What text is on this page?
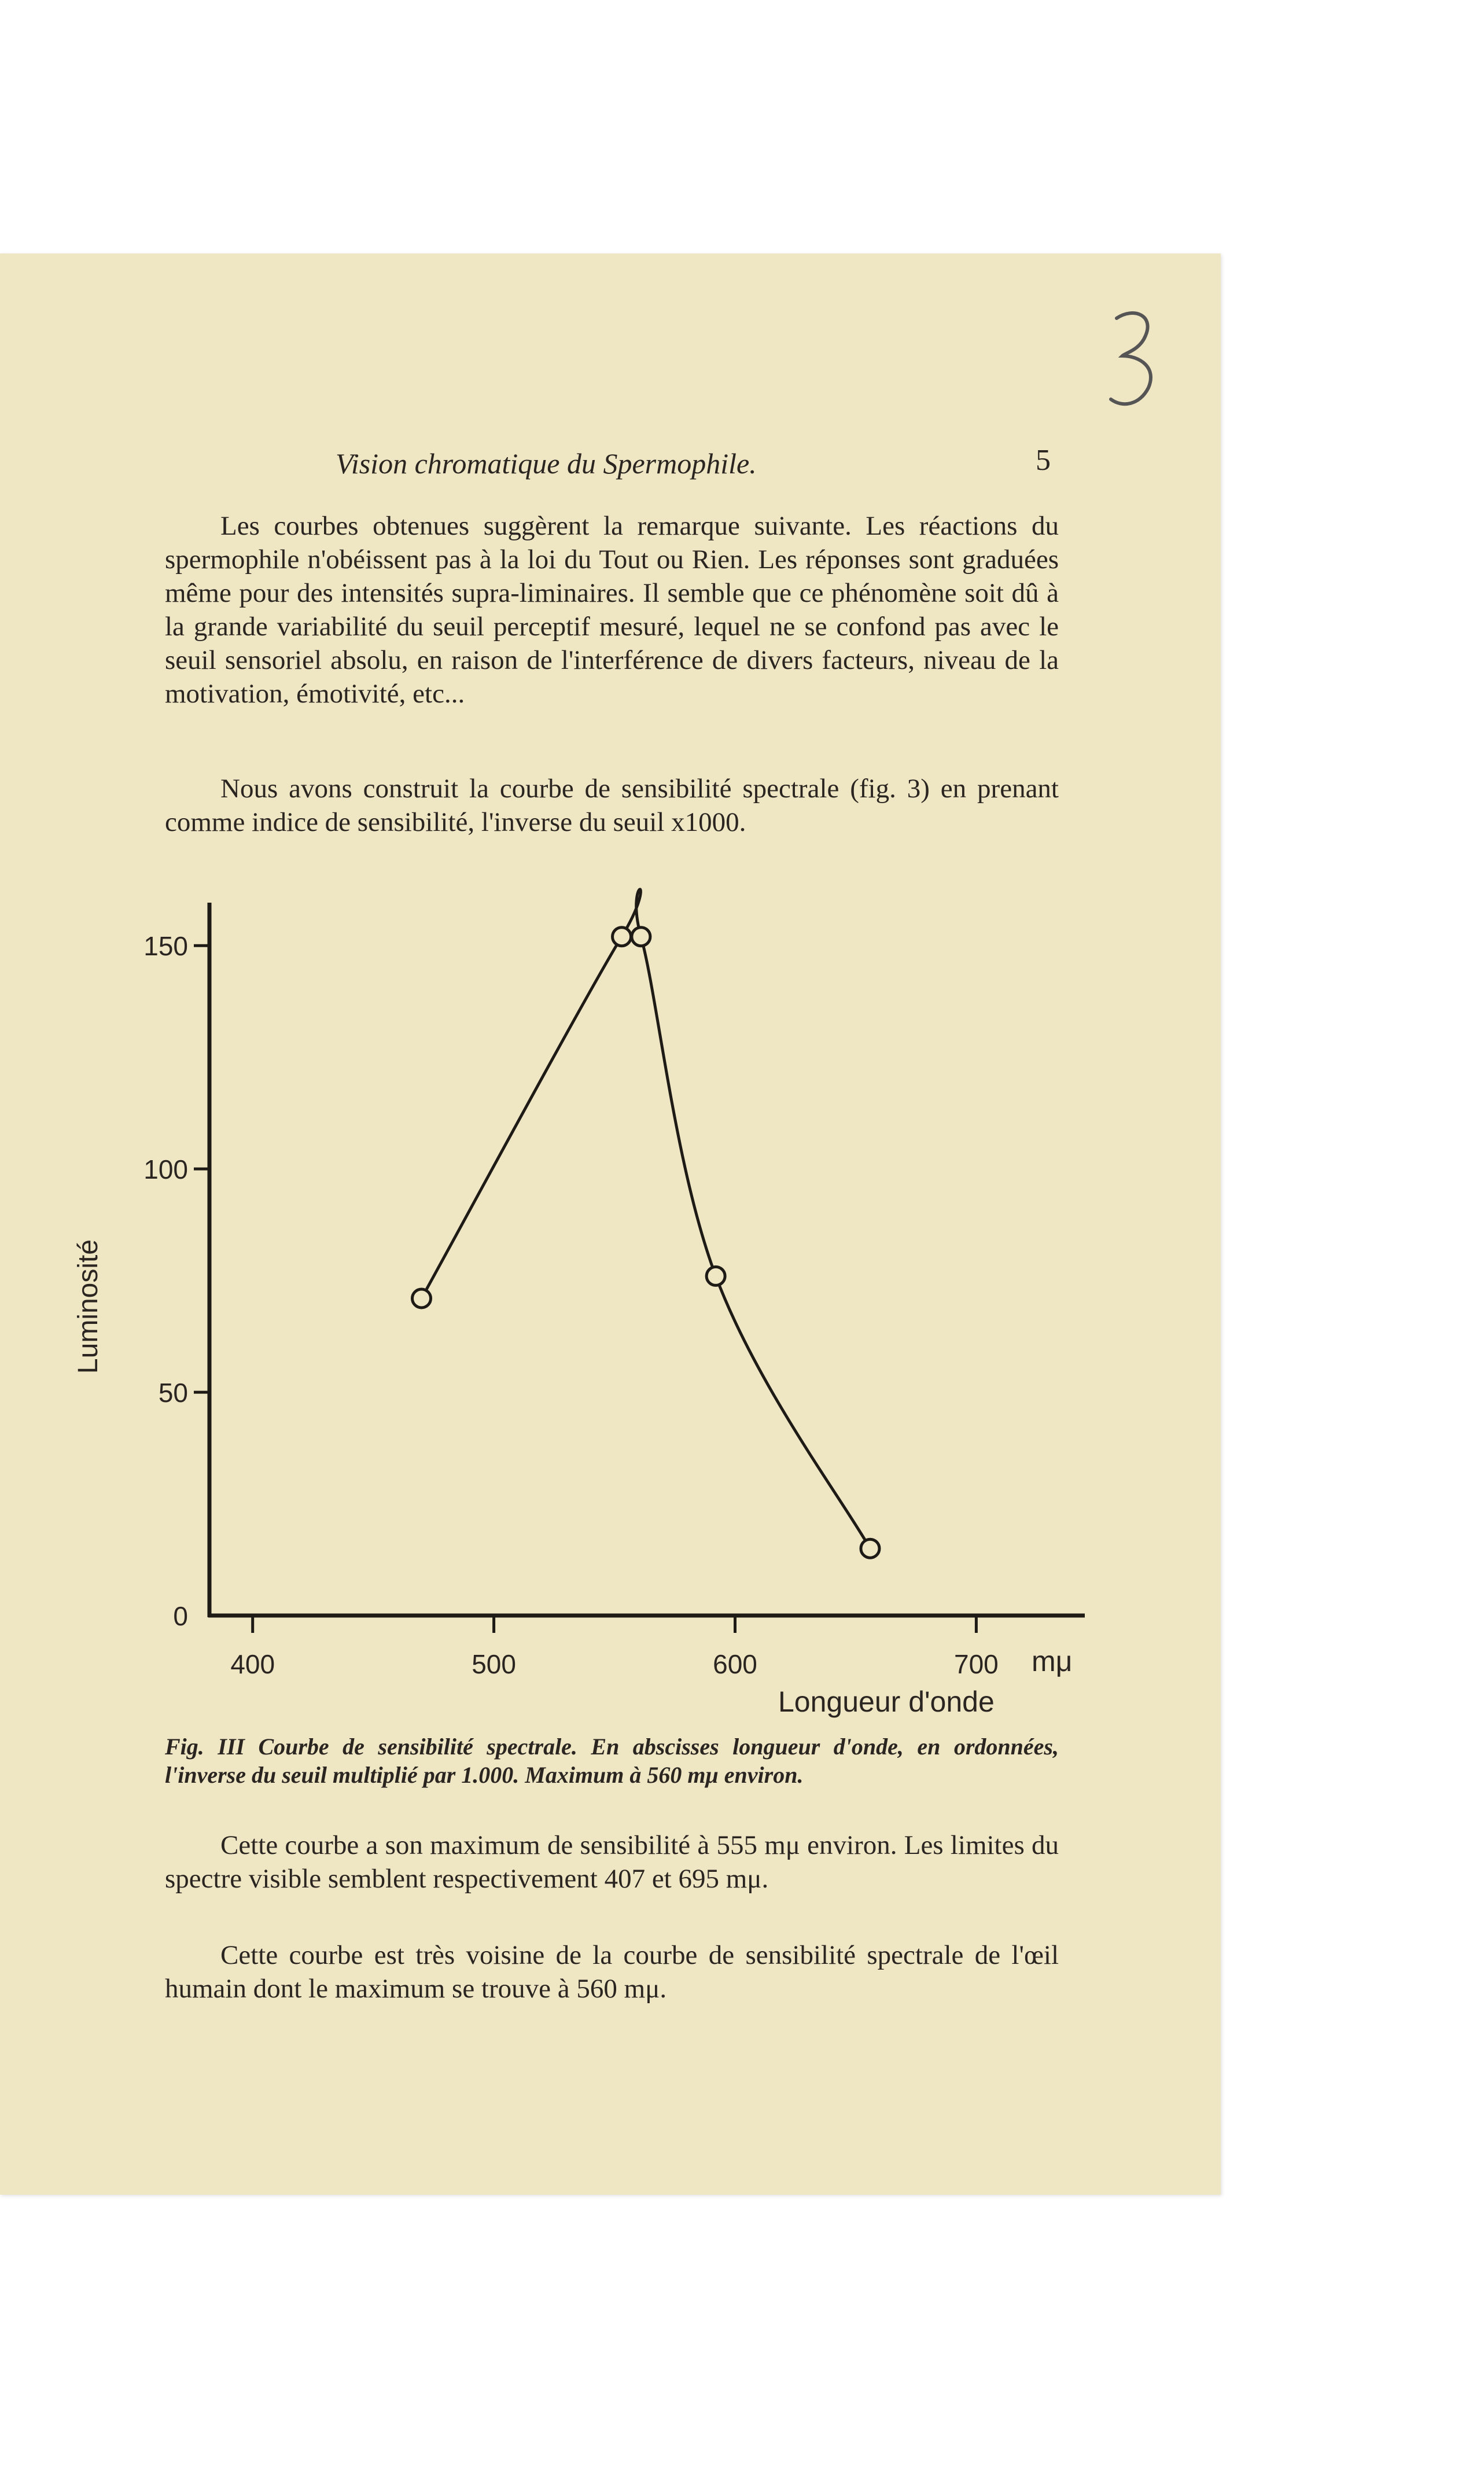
Vision chromatique du Spermophile.	5

Les courbes obtenues suggèrent la remarque suivante. Les réactions du spermophile n'obéissent pas à la loi du Tout ou Rien. Les réponses sont graduées même pour des intensités supra-liminaires. Il semble que ce phénomène soit dû à la grande variabilité du seuil perceptif mesuré, lequel ne se confond pas avec le seuil sensoriel absolu, en raison de l'interférence de divers facteurs, niveau de la motivation, émotivité, etc...

Nous avons construit la courbe de sensibilité spectrale (fig. 3) en prenant comme indice de sensibilité, l'inverse du seuil x1000.

0
50
100
150
400	500	600	700
Luminosité
Longueur d'onde
mμ

Fig. III Courbe de sensibilité spectrale. En abscisses longueur d'onde, en ordonnées, l'inverse du seuil multiplié par 1.000. Maximum à 560 mμ environ.

Cette courbe a son maximum de sensibilité à 555 mμ environ. Les limites du spectre visible semblent respectivement 407 et 695 mμ.

Cette courbe est très voisine de la courbe de sensibilité spectrale de l'œil humain dont le maximum se trouve à 560 mμ.
